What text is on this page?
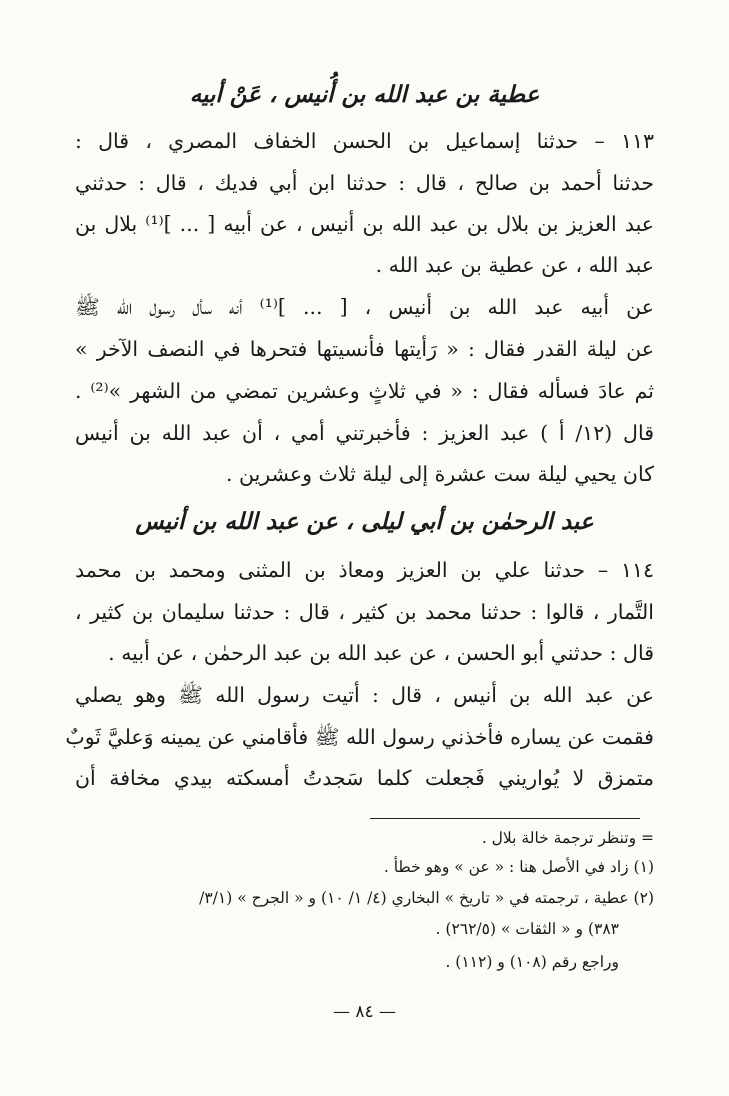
عطية بن عبد الله بن أُنيس ، عَنْ أبيه
١١٣ – حدثنا إسماعيل بن الحسن الخفاف المصري ، قال :
حدثنا أحمد بن صالح ، قال : حدثنا ابن أبي فديك ، قال : حدثني
عبد العزيز بن بلال بن عبد الله بن أنيس ، عن أبيه [ ... ]⁽¹⁾ بلال بن
عبد الله ، عن عطية بن عبد الله .
عن أبيه عبد الله بن أنيس ، [ ... ]⁽¹⁾ أنه سأل رسول الله ﷺ
عن ليلة القدر فقال : « رَأيتها فأنسيتها فتحرها في النصف الآخر »
ثم عادَ فسأله فقال : « في ثلاثٍ وعشرين تمضي من الشهر »⁽²⁾ .
قال (١٢/ أ ) عبد العزيز : فأخبرتني أمي ، أن عبد الله بن أنيس
كان يحيي ليلة ست عشرة إلى ليلة ثلاث وعشرين .
عبد الرحمٰن بن أبي ليلى ، عن عبد الله بن أنيس
١١٤ – حدثنا علي بن العزيز ومعاذ بن المثنى ومحمد بن محمد
التَّمار ، قالوا : حدثنا محمد بن كثير ، قال : حدثنا سليمان بن كثير ،
قال : حدثني أبو الحسن ، عن عبد الله بن عبد الرحمٰن ، عن أبيه .
عن عبد الله بن أنيس ، قال : أتيت رسول الله ﷺ وهو يصلي
فقمت عن يساره فأخذني رسول الله ﷺ فأقامني عن يمينه وَعليَّ ثَوبٌ
متمزق لا يُواريني فَجعلت كلما سَجدتُ أمسكته بيدي مخافة أن
= وتنظر ترجمة خالة بلال .
(١) زاد في الأصل هنا : « عن » وهو خطأ .
(٢) عطية ، ترجمته في « تاريخ » البخاري (٤/ ١/ ١٠) و « الجرح » (٣/١/
٣٨٣) و « الثقات » (٢٦٢/٥) .
وراجع رقم (١٠٨) و (١١٢) .
— ٨٤ —
